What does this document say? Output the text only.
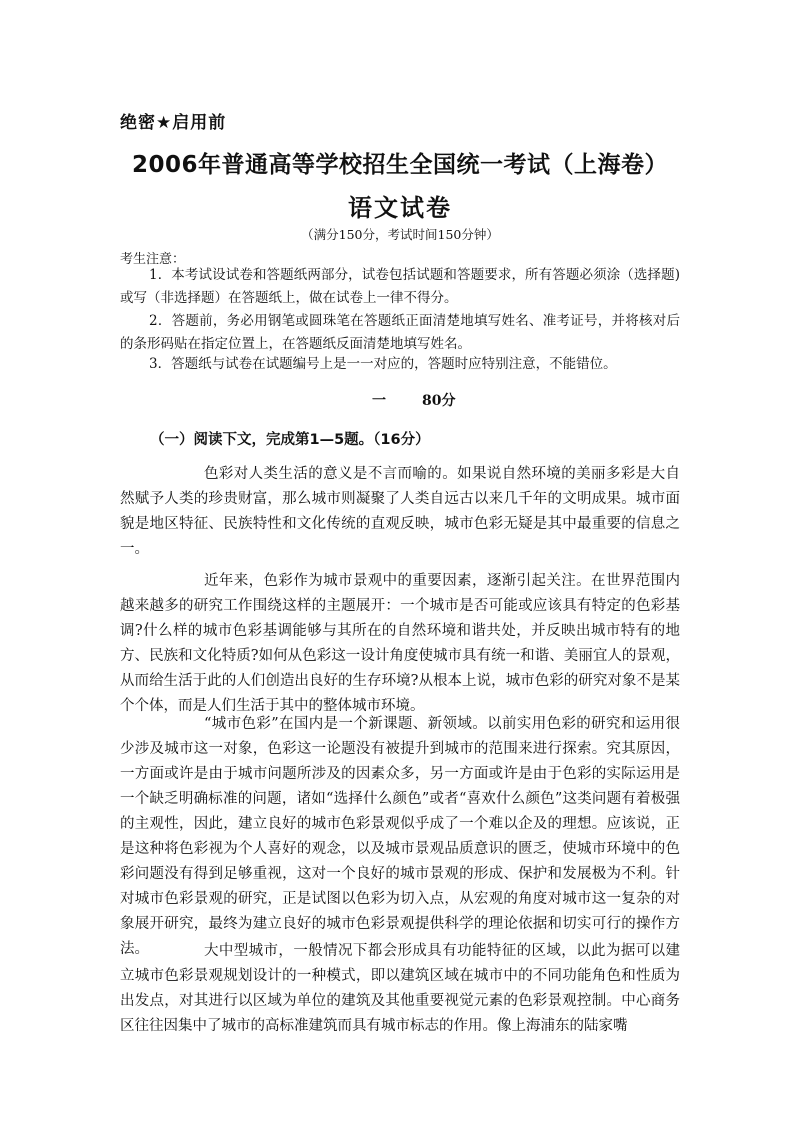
绝密★启用前
2006年普通高等学校招生全国统一考试（上海卷）
语文试卷
（满分150分，考试时间150分钟）
考生注意：
1．本考试设试卷和答题纸两部分，试卷包括试题和答题要求，所有答题必须涂（选择题)或写（非选择题）在答题纸上，做在试卷上一律不得分。
2．答题前，务必用钢笔或圆珠笔在答题纸正面清楚地填写姓名、准考证号，并将核对后的条形码贴在指定位置上，在答题纸反面清楚地填写姓名。
3．答题纸与试卷在试题编号上是一一对应的，答题时应特别注意，不能错位。
一	80分
（一）阅读下文，完成第1—5题。（16分）
色彩对人类生活的意义是不言而喻的。如果说自然环境的美丽多彩是大自然赋予人类的珍贵财富，那么城市则凝聚了人类自远古以来几千年的文明成果。城市面貌是地区特征、民族特性和文化传统的直观反映，城市色彩无疑是其中最重要的信息之一。
近年来，色彩作为城市景观中的重要因素，逐渐引起关注。在世界范围内越来越多的研究工作围绕这样的主题展开：一个城市是否可能或应该具有特定的色彩基调?什么样的城市色彩基调能够与其所在的自然环境和谐共处，并反映出城市特有的地方、民族和文化特质?如何从色彩这一设计角度使城市具有统一和谐、美丽宜人的景观，从而给生活于此的人们创造出良好的生存环境?从根本上说，城市色彩的研究对象不是某个个体，而是人们生活于其中的整体城市环境。
“城市色彩”在国内是一个新课题、新领域。以前实用色彩的研究和运用很少涉及城市这一对象，色彩这一论题没有被提升到城市的范围来进行探索。究其原因，一方面或许是由于城市问题所涉及的因素众多，另一方面或许是由于色彩的实际运用是一个缺乏明确标准的问题，诸如“选择什么颜色”或者“喜欢什么颜色”这类问题有着极强的主观性，因此，建立良好的城市色彩景观似乎成了一个难以企及的理想。应该说，正是这种将色彩视为个人喜好的观念，以及城市景观品质意识的匮乏，使城市环境中的色彩问题没有得到足够重视，这对一个良好的城市景观的形成、保护和发展极为不利。针对城市色彩景观的研究，正是试图以色彩为切入点，从宏观的角度对城市这一复杂的对象展开研究，最终为建立良好的城市色彩景观提供科学的理论依据和切实可行的操作方法。	大中型城市，一般情况下都会形成具有功能特征的区域，以此为据可以建立城市色彩景观规划设计的一种模式，即以建筑区域在城市中的不同功能角色和性质为出发点，对其进行以区域为单位的建筑及其他重要视觉元素的色彩景观控制。中心商务区往往因集中了城市的高标准建筑而具有城市标志的作用。像上海浦东的陆家嘴
